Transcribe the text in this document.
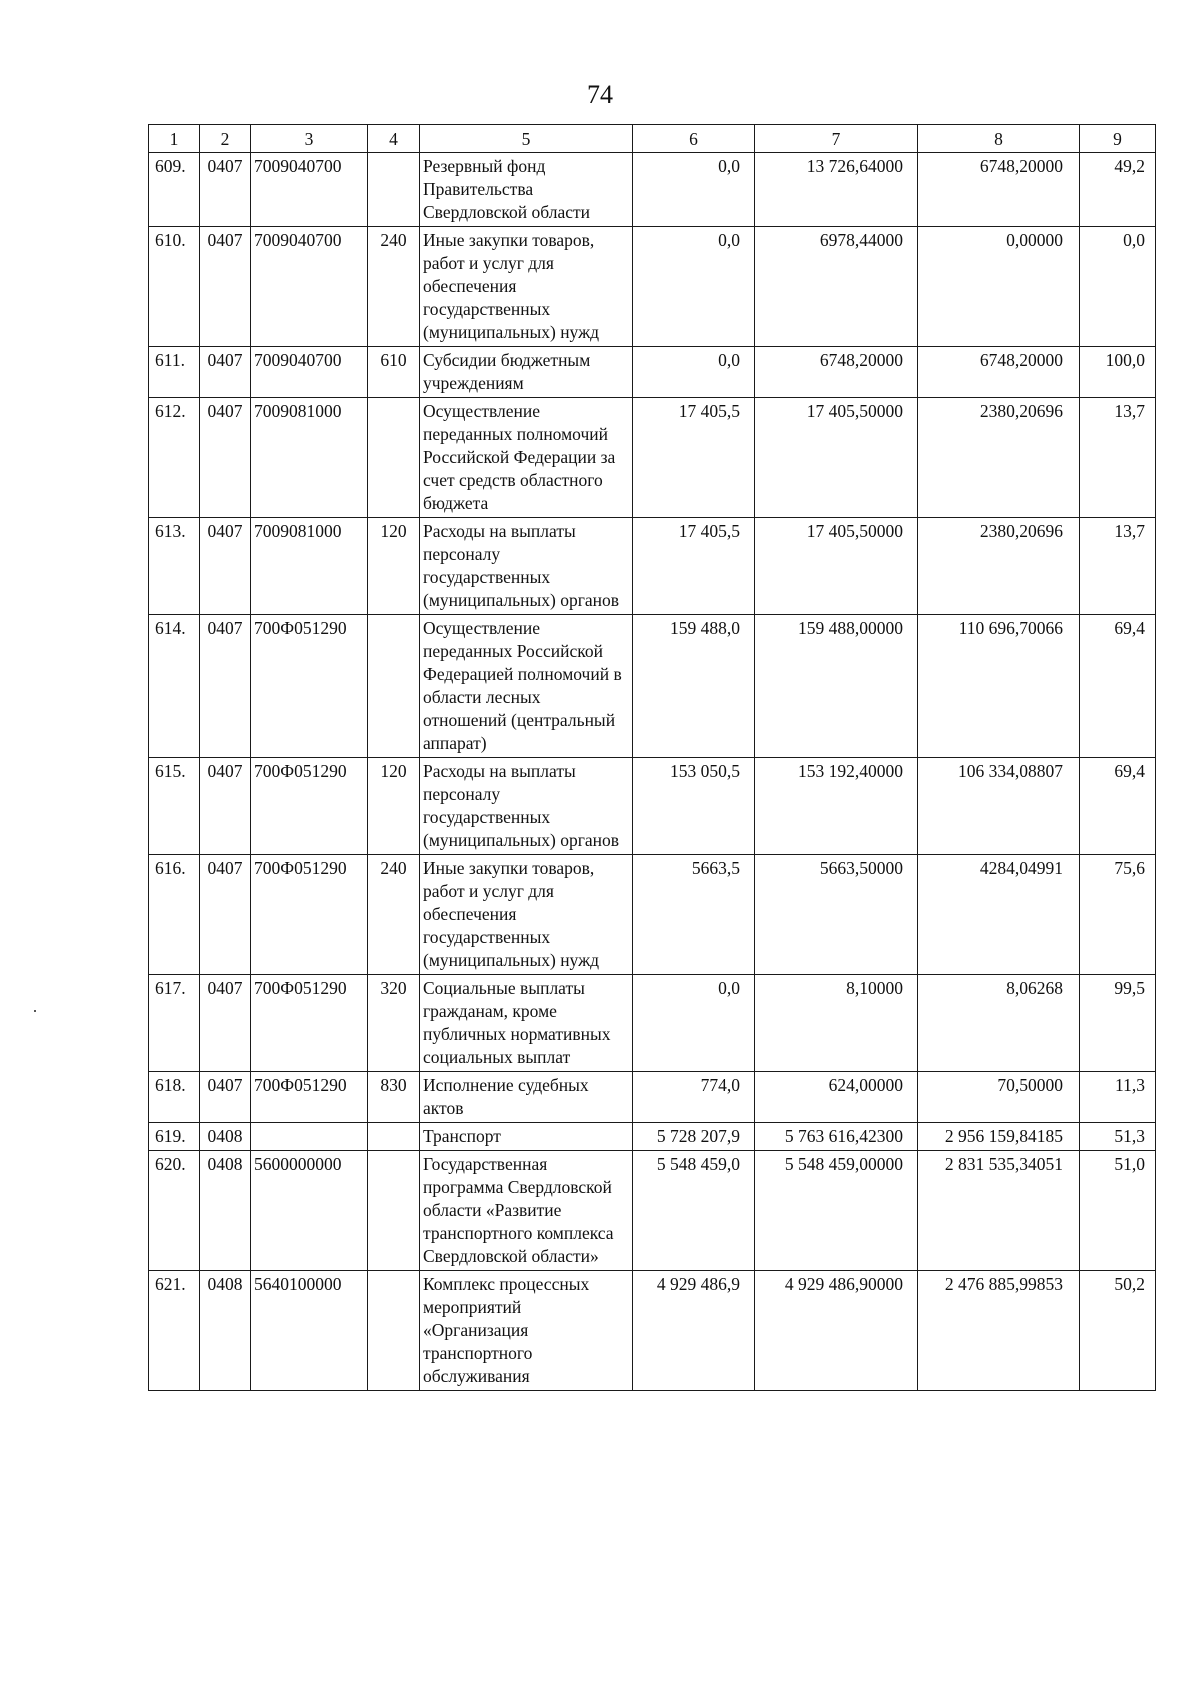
74
1	2	3	4	5	6	7	8	9
609.	0407	7009040700		Резервный фонд Правительства Свердловской области	0,0	13 726,64000	6748,20000	49,2
610.	0407	7009040700	240	Иные закупки товаров, работ и услуг для обеспечения государственных (муниципальных) нужд	0,0	6978,44000	0,00000	0,0
611.	0407	7009040700	610	Субсидии бюджетным учреждениям	0,0	6748,20000	6748,20000	100,0
612.	0407	7009081000		Осуществление переданных полномочий Российской Федерации за счет средств областного бюджета	17 405,5	17 405,50000	2380,20696	13,7
613.	0407	7009081000	120	Расходы на выплаты персоналу государственных (муниципальных) органов	17 405,5	17 405,50000	2380,20696	13,7
614.	0407	700Ф051290		Осуществление переданных Российской Федерацией полномочий в области лесных отношений (центральный аппарат)	159 488,0	159 488,00000	110 696,70066	69,4
615.	0407	700Ф051290	120	Расходы на выплаты персоналу государственных (муниципальных) органов	153 050,5	153 192,40000	106 334,08807	69,4
616.	0407	700Ф051290	240	Иные закупки товаров, работ и услуг для обеспечения государственных (муниципальных) нужд	5663,5	5663,50000	4284,04991	75,6
617.	0407	700Ф051290	320	Социальные выплаты гражданам, кроме публичных нормативных социальных выплат	0,0	8,10000	8,06268	99,5
618.	0407	700Ф051290	830	Исполнение судебных актов	774,0	624,00000	70,50000	11,3
619.	0408			Транспорт	5 728 207,9	5 763 616,42300	2 956 159,84185	51,3
620.	0408	5600000000		Государственная программа Свердловской области «Развитие транспортного комплекса Свердловской области»	5 548 459,0	5 548 459,00000	2 831 535,34051	51,0
621.	0408	5640100000		Комплекс процессных мероприятий «Организация транспортного обслуживания	4 929 486,9	4 929 486,90000	2 476 885,99853	50,2
